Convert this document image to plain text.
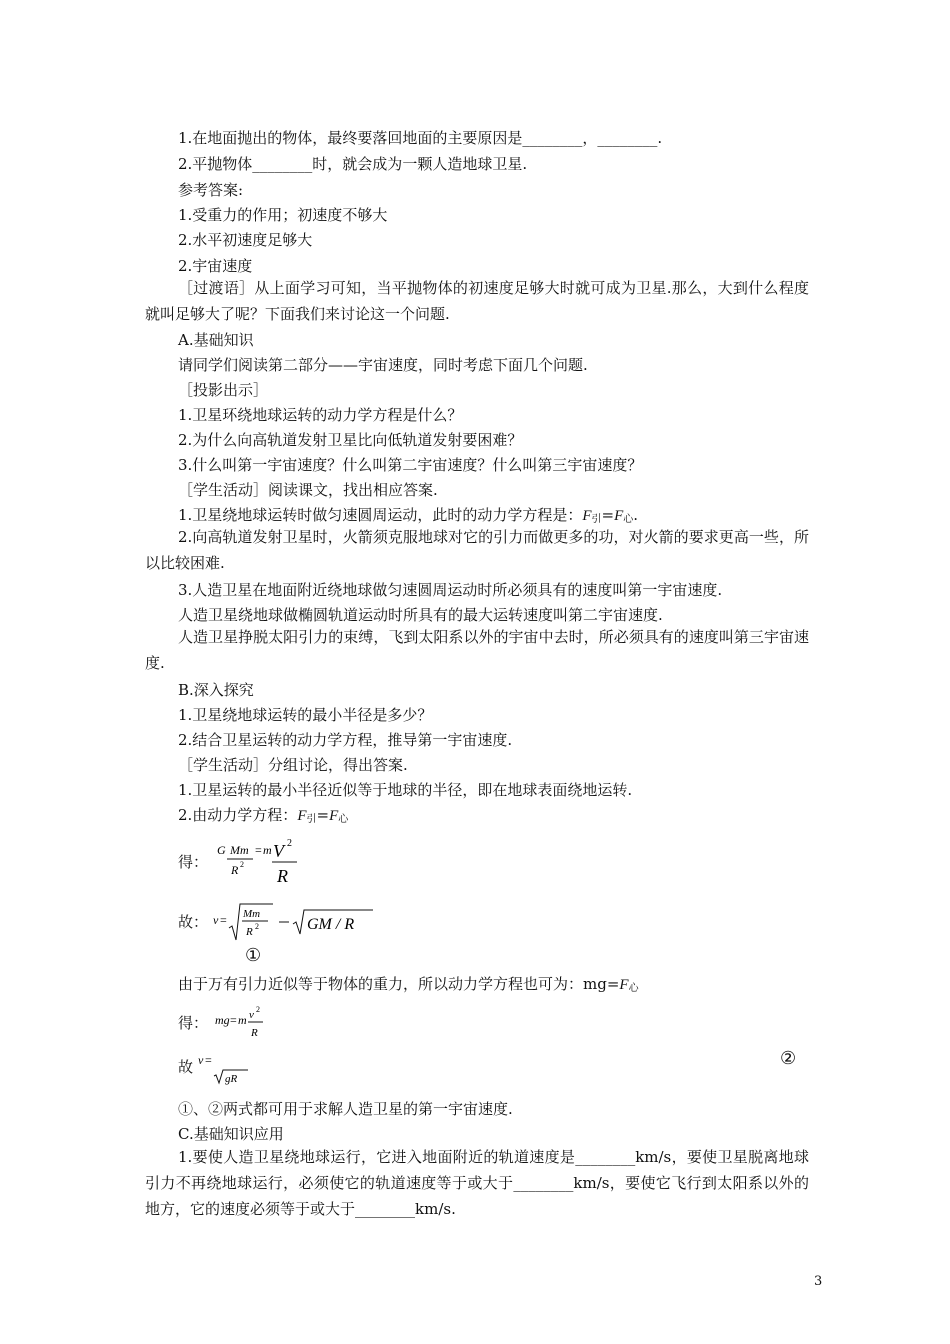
1.在地面抛出的物体，最终要落回地面的主要原因是________，________.
2.平抛物体________时，就会成为一颗人造地球卫星.
参考答案:
1.受重力的作用；初速度不够大
2.水平初速度足够大
2.宇宙速度
［过渡语］从上面学习可知，当平抛物体的初速度足够大时就可成为卫星.那么，大到什么程度就叫足够大了呢？下面我们来讨论这一个问题.
A.基础知识
请同学们阅读第二部分——宇宙速度，同时考虑下面几个问题.
［投影出示］
1.卫星环绕地球运转的动力学方程是什么？
2.为什么向高轨道发射卫星比向低轨道发射要困难？
3.什么叫第一宇宙速度？什么叫第二宇宙速度？什么叫第三宇宙速度？
［学生活动］阅读课文，找出相应答案.
1.卫星绕地球运转时做匀速圆周运动，此时的动力学方程是：$F_引=F_心$.
2.向高轨道发射卫星时，火箭须克服地球对它的引力而做更多的功，对火箭的要求更高一些，所以比较困难.
3.人造卫星在地面附近绕地球做匀速圆周运动时所必须具有的速度叫第一宇宙速度.
人造卫星绕地球做椭圆轨道运动时所具有的最大运转速度叫第二宇宙速度.
人造卫星挣脱太阳引力的束缚，飞到太阳系以外的宇宙中去时，所必须具有的速度叫第三宇宙速度.
B.深入探究
1.卫星绕地球运转的最小半径是多少？
2.结合卫星运转的动力学方程，推导第一宇宙速度.
［学生活动］分组讨论，得出答案.
1.卫星运转的最小半径近似等于地球的半径，即在地球表面绕地运转.
2.由动力学方程：$F_引=F_心$
得：
G Mm
R 2
= m V 2
R
故： v = Mm
R 2	GM / R
①
由于万有引力近似等于物体的重力，所以动力学方程也可为：$mg=F_心$
得： mg = m v 2
R
故 v =
gR
②
①、②两式都可用于求解人造卫星的第一宇宙速度.
C.基础知识应用
1.要使人造卫星绕地球运行，它进入地面附近的轨道速度是________km/s，要使卫星脱离地球引力不再绕地球运行，必须使它的轨道速度等于或大于________km/s，要使它飞行到太阳系以外的地方，它的速度必须等于或大于________km/s.
3
